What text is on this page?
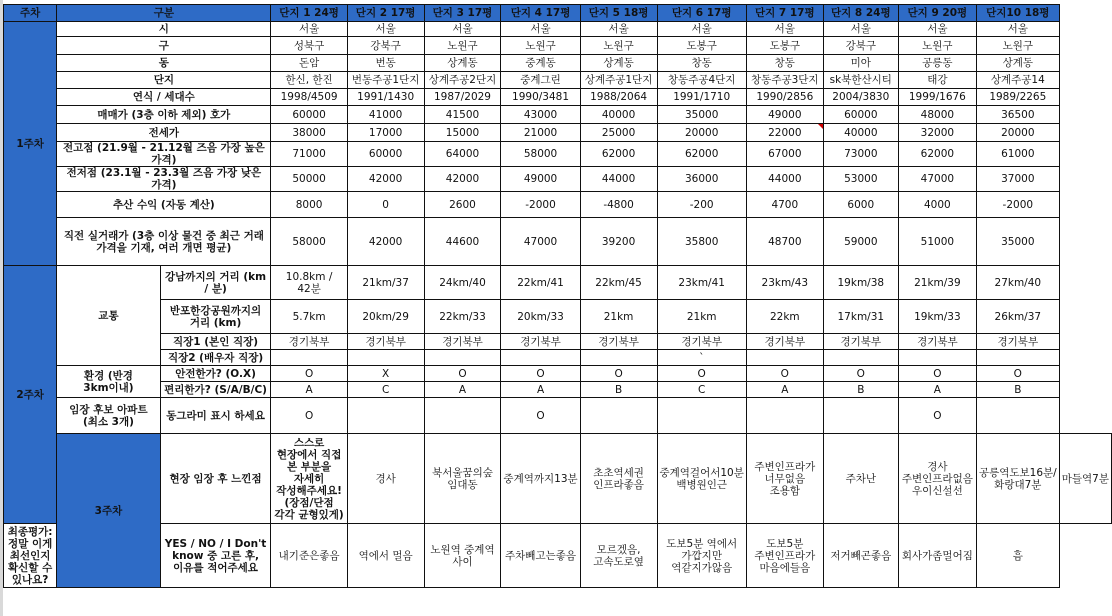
주차	구분		단지 1 24평	단지 2 17평	단지 3 17평	단지 4 17평	단지 5 18평	단지 6 17평	단지 7 17평	단지 8 24평	단지 9 20평	단지10 18평	
1주차	시		서울	서울	서울	서울	서울	서울	서울	서울	서울	서울	
	구		성북구	강북구	노원구	노원구	노원구	도봉구	도봉구	강북구	노원구	노원구	
	동		돈암	번동	상계동	중계동	상계동	창동	창동	미아	공릉동	상계동	
	단지		한신, 한진	번동주공1단지	상계주공2단지	중계그린	상계주공1단지	창동주공4단지	창동주공3단지	sk북한산시티	태강	상계주공14	
	연식 / 세대수		1998/4509	1991/1430	1987/2029	1990/3481	1988/2064	1991/1710	1990/2856	2004/3830	1999/1676	1989/2265	
	매매가 (3층 이하 제외) 호가		60000	41000	41500	43000	40000	35000	49000	60000	48000	36500	
	전세가		38000	17000	15000	21000	25000	20000	22000	40000	32000	20000	
	전고점 (21.9월 - 21.12월 즈음 가장 높은 가격)		71000	60000	64000	58000	62000	62000	67000	73000	62000	61000	
	전저점 (23.1월 - 23.3월 즈음 가장 낮은 가격)		50000	42000	42000	49000	44000	36000	44000	53000	47000	37000	
	추산 수익 (자동 계산)		8000	0	2600	-2000	-4800	-200	4700	6000	4000	-2000	
	직전 실거래가 (3층 이상 물건 중 최근 거래 가격을 기재, 여러 개면 평균)		58000	42000	44600	47000	39200	35800	48700	59000	51000	35000	
2주차	교통	강남까지의 거리 (km / 분)	10.8km / 42분	21km/37	24km/40	22km/41	22km/45	23km/41	23km/43	19km/38	21km/39	27km/40	
		반포한강공원까지의 거리 (km)	5.7km	20km/29	22km/33	20km/33	21km	21km	22km	17km/31	19km/33	26km/37	
		직장1 (본인 직장)	경기북부	경기북부	경기북부	경기북부	경기북부	경기북부	경기북부	경기북부	경기북부	경기북부	
		직장2 (배우자 직장)						`					
	환경 (반경 3km이내)	안전한가? (O.X)	O	X	O	O	O	O	O	O	O	O	
		편리한가? (S/A/B/C)	A	C	A	A	B	C	A	B	A	B	
	임장 후보 아파트 (최소 3개)	동그라미 표시 하세요	O			O					O		
	3주차	현장 임장 후 느낀점	스스로 현장에서 직접 본 부분을 자세히 작성해주세요! (장점/단점 각각 균형있게)	경사	북서울꿈의숲 임대동	중계역까지13분	초초역세권 인프라좋음	중계역걸어서10분 백병원인근	주변인프라가 너무없음 조용함	주차난	경사 주변인프라없음 우이신설선	공릉역도보16분/화랑대7분	마들역7분
최종평가: 정말 이게 최선인지 확신할 수 있나요?		YES / NO / I Don't know 중 고른 후, 이유를 적어주세요	내기준은좋음	역에서 멀음	노원역 중계역 사이	주차빼고는좋음	모르겠음, 고속도로옆	도보5분 역에서 가깝지만 역같지가않음	도보5분 주변인프라가 마음에들음	저거빼곤좋음	회사가좀멀어짐	흠	
